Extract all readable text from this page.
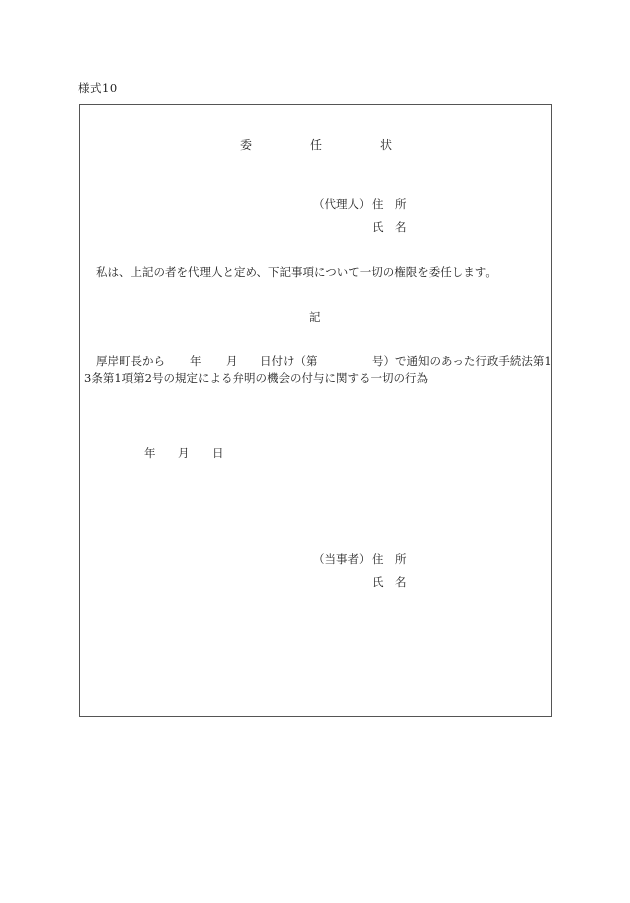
様式10
委	任	状
（代理人） 住　所
氏　名
私は、上記の者を代理人と定め、下記事項について一切の権限を委任します。
記
厚岸町長から 年 月 日付け（第	号）で通知のあった行政手続法第1
3条第1項第2号の規定による弁明の機会の付与に関する一切の行為
年 月 日
（当事者） 住　所
氏　名
